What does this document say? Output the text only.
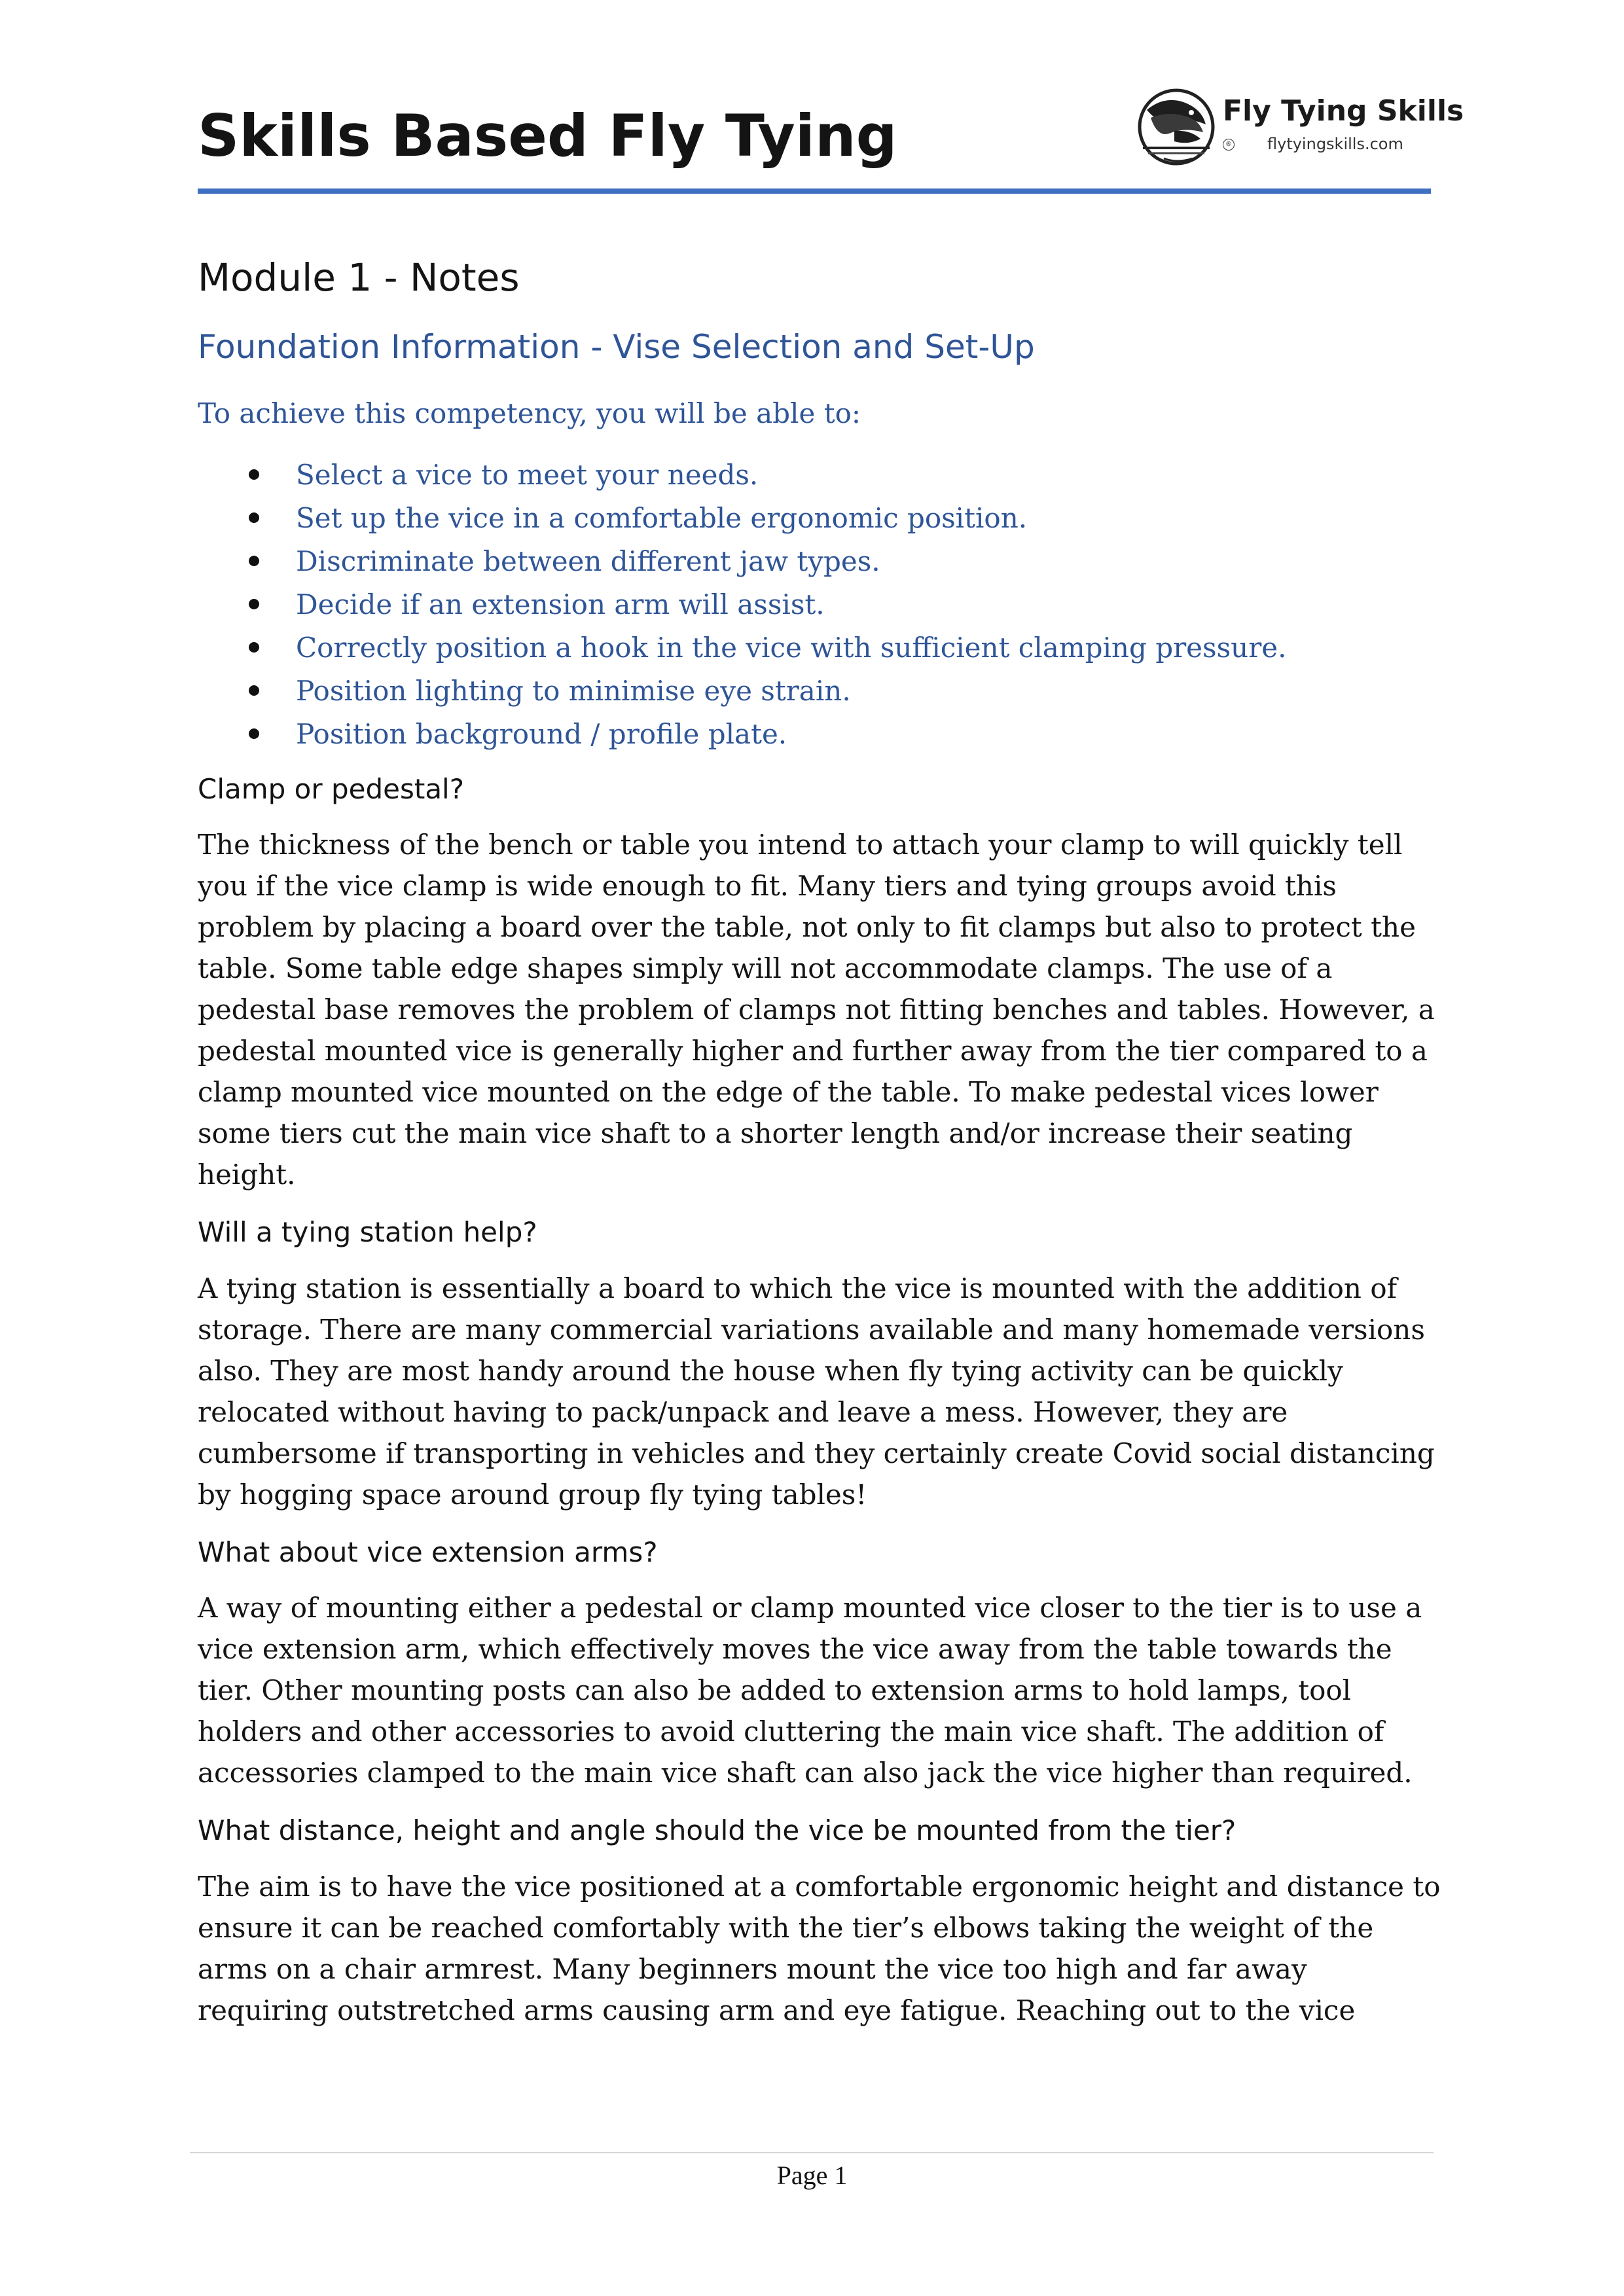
Skills Based Fly Tying	Fly Tying Skills
® flytyingskills.com
Module 1 - Notes
Foundation Information - Vise Selection and Set-Up

To achieve this competency, you will be able to:

Select a vice to meet your needs.
Set up the vice in a comfortable ergonomic position.
Discriminate between different jaw types.
Decide if an extension arm will assist.
Correctly position a hook in the vice with sufficient clamping pressure.
Position lighting to minimise eye strain.
Position background / profile plate.
Clamp or pedestal?

The thickness of the bench or table you intend to attach your clamp to will quickly tell you if the vice clamp is wide enough to fit. Many tiers and tying groups avoid this problem by placing a board over the table, not only to fit clamps but also to protect the table. Some table edge shapes simply will not accommodate clamps. The use of a pedestal base removes the problem of clamps not fitting benches and tables. However, a pedestal mounted vice is generally higher and further away from the tier compared to a clamp mounted vice mounted on the edge of the table. To make pedestal vices lower some tiers cut the main vice shaft to a shorter length and/or increase their seating height.

Will a tying station help?

A tying station is essentially a board to which the vice is mounted with the addition of storage. There are many commercial variations available and many homemade versions also. They are most handy around the house when fly tying activity can be quickly relocated without having to pack/unpack and leave a mess. However, they are cumbersome if transporting in vehicles and they certainly create Covid social distancing by hogging space around group fly tying tables!

What about vice extension arms?

A way of mounting either a pedestal or clamp mounted vice closer to the tier is to use a vice extension arm, which effectively moves the vice away from the table towards the tier. Other mounting posts can also be added to extension arms to hold lamps, tool holders and other accessories to avoid cluttering the main vice shaft. The addition of accessories clamped to the main vice shaft can also jack the vice higher than required.

What distance, height and angle should the vice be mounted from the tier?

The aim is to have the vice positioned at a comfortable ergonomic height and distance to ensure it can be reached comfortably with the tier’s elbows taking the weight of the arms on a chair armrest. Many beginners mount the vice too high and far away requiring outstretched arms causing arm and eye fatigue. Reaching out to the vice

Page 1
